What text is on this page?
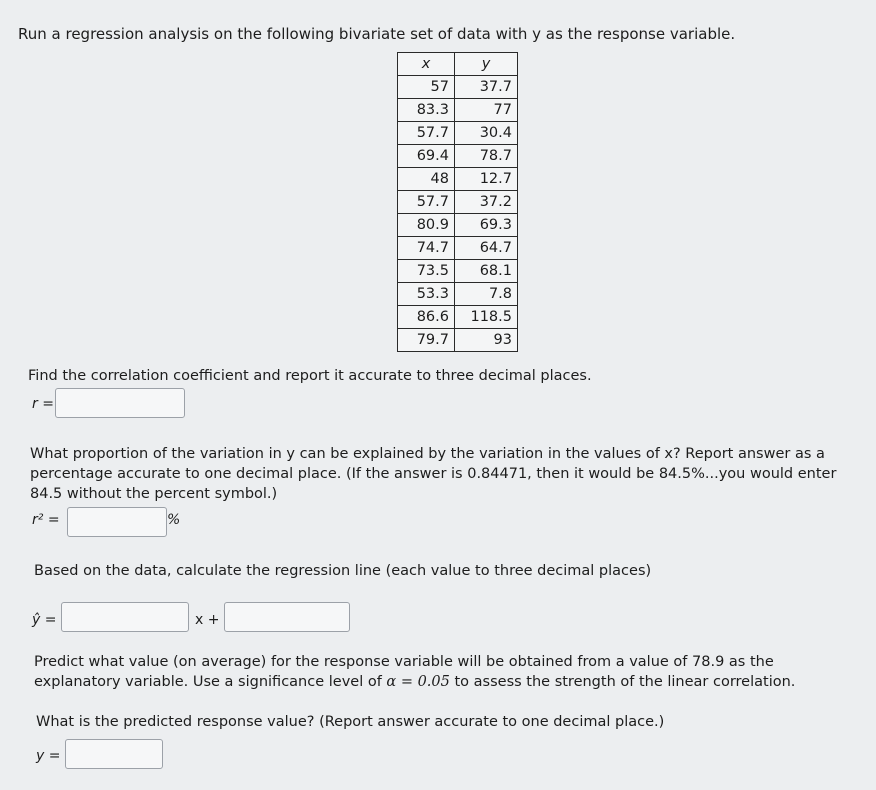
Run a regression analysis on the following bivariate set of data with y as the response variable.
x	y
57	37.7
83.3	77
57.7	30.4
69.4	78.7
48	12.7
57.7	37.2
80.9	69.3
74.7	64.7
73.5	68.1
53.3	7.8
86.6	118.5
79.7	93
Find the correlation coefficient and report it accurate to three decimal places.
r =
What proportion of the variation in y can be explained by the variation in the values of x? Report answer as a percentage accurate to one decimal place. (If the answer is 0.84471, then it would be 84.5%...you would enter 84.5 without the percent symbol.)
r² =	%
Based on the data, calculate the regression line (each value to three decimal places)
ŷ =	x +
Predict what value (on average) for the response variable will be obtained from a value of 78.9 as the explanatory variable. Use a significance level of α = 0.05 to assess the strength of the linear correlation.
What is the predicted response value? (Report answer accurate to one decimal place.)
y =
